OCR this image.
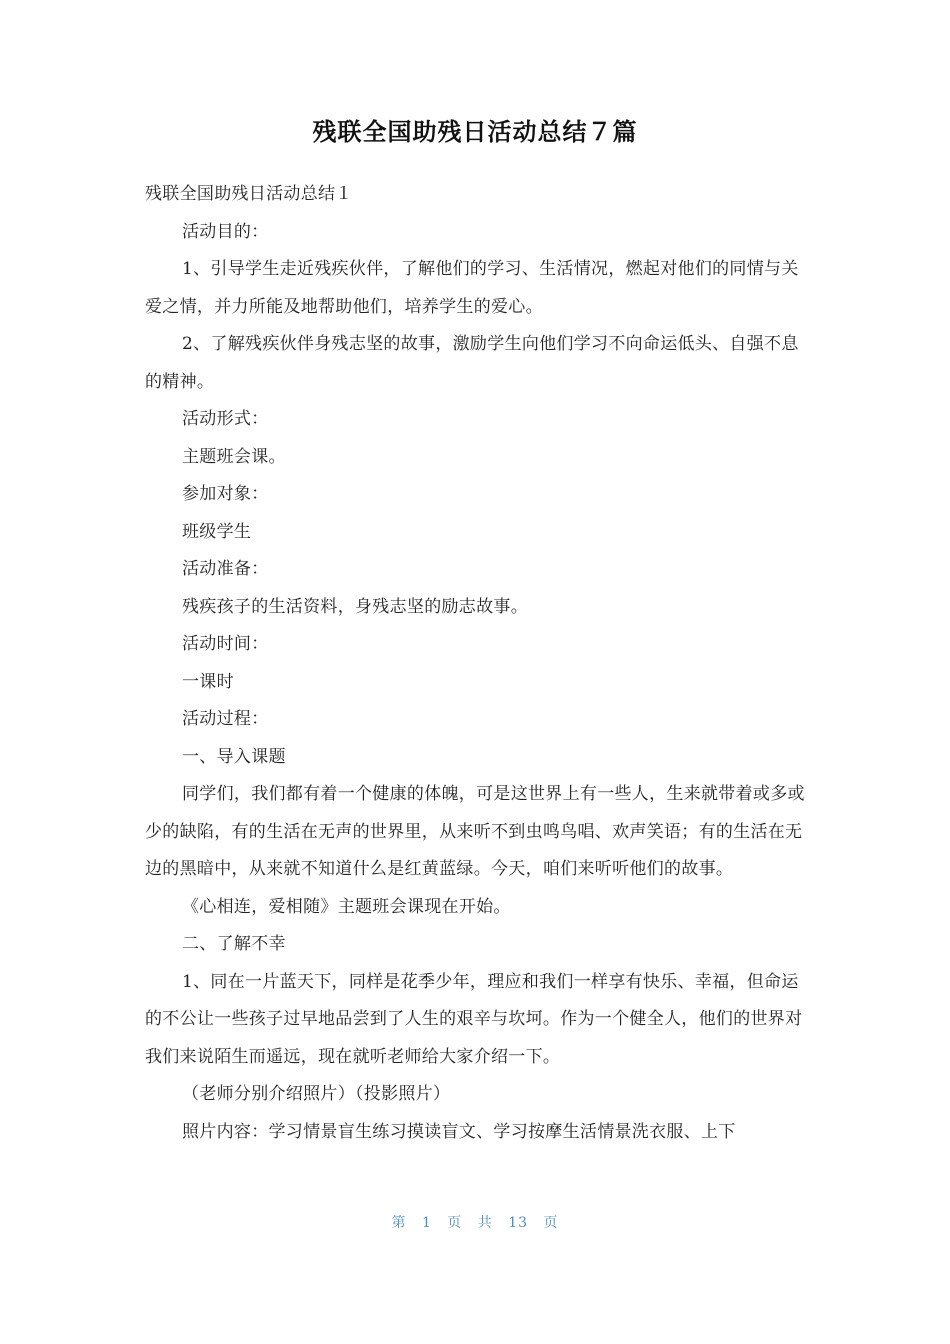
残联全国助残日活动总结７篇

残联全国助残日活动总结１

活动目的：

1、引导学生走近残疾伙伴，了解他们的学习、生活情况，燃起对他们的同情与关爱之情，并力所能及地帮助他们，培养学生的爱心。

2、了解残疾伙伴身残志坚的故事，激励学生向他们学习不向命运低头、自强不息的精神。

活动形式：

主题班会课。

参加对象：

班级学生

活动准备：

残疾孩子的生活资料，身残志坚的励志故事。

活动时间：

一课时

活动过程：

一、导入课题

同学们，我们都有着一个健康的体魄，可是这世界上有一些人，生来就带着或多或少的缺陷，有的生活在无声的世界里，从来听不到虫鸣鸟唱、欢声笑语；有的生活在无边的黑暗中，从来就不知道什么是红黄蓝绿。今天，咱们来听听他们的故事。

《心相连，爱相随》主题班会课现在开始。

二、了解不幸

1、同在一片蓝天下，同样是花季少年，理应和我们一样享有快乐、幸福，但命运的不公让一些孩子过早地品尝到了人生的艰辛与坎坷。作为一个健全人，他们的世界对我们来说陌生而遥远，现在就听老师给大家介绍一下。

（老师分别介绍照片）（投影照片）

照片内容：学习情景盲生练习摸读盲文、学习按摩生活情景洗衣服、上下

第 1 页 共 13 页
